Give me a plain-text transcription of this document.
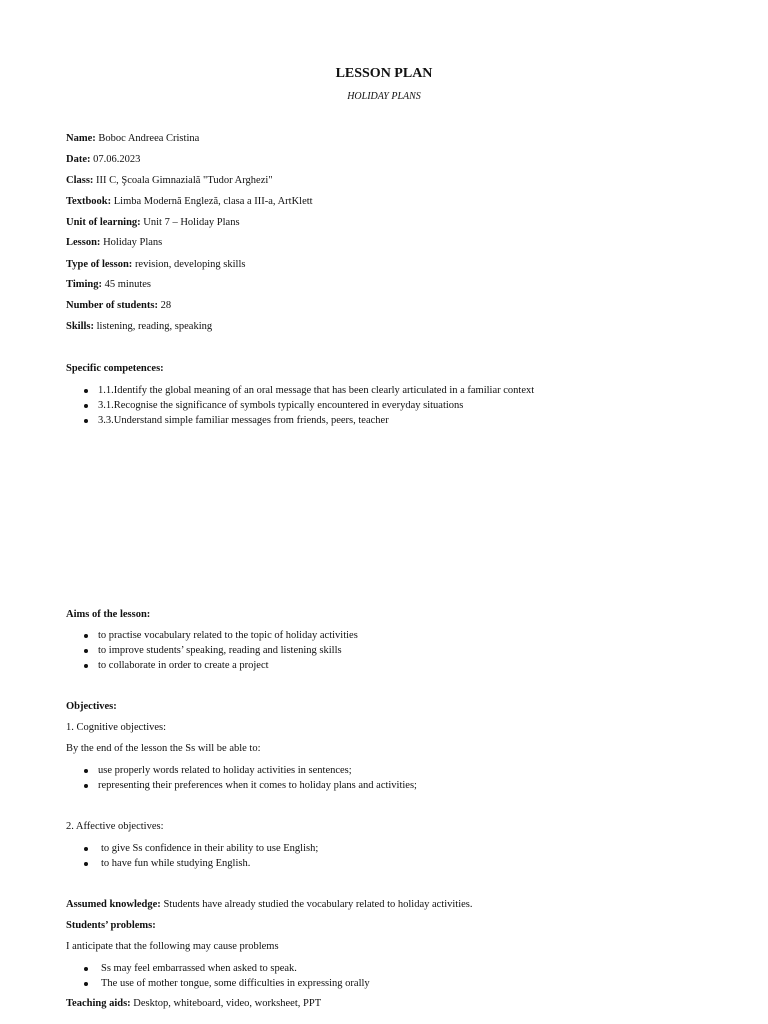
LESSON PLAN
HOLIDAY PLANS
Name: Boboc Andreea Cristina
Date: 07.06.2023
Class: III C, Şcoala Gimnazială "Tudor Arghezi"
Textbook: Limba Modernă Engleză, clasa a III-a, ArtKlett
Unit of learning: Unit 7 – Holiday Plans
Lesson: Holiday Plans
Type of lesson: revision, developing skills
Timing: 45 minutes
Number of students: 28
Skills: listening, reading, speaking
Specific competences:
1.1.Identify the global meaning of an oral message that has been clearly articulated in a familiar context
3.1.Recognise the significance of symbols typically encountered in everyday situations
3.3.Understand simple familiar messages from friends, peers, teacher
Aims of the lesson:
to practise vocabulary related to the topic of holiday activities
to improve students’ speaking, reading and listening skills
to collaborate in order to create a project
Objectives:
1. Cognitive objectives:
By the end of the lesson the Ss will be able to:
use properly words related to holiday activities in sentences;
representing their preferences when it comes to holiday plans and activities;
2. Affective objectives:
to give Ss confidence in their ability to use English;
to have fun while studying English.
Assumed knowledge: Students have already studied the vocabulary related to holiday activities.
Students’ problems:
I anticipate that the following may cause problems
Ss may feel embarrassed when asked to speak.
The use of mother tongue, some difficulties in expressing orally
Teaching aids: Desktop, whiteboard, video, worksheet, PPT
